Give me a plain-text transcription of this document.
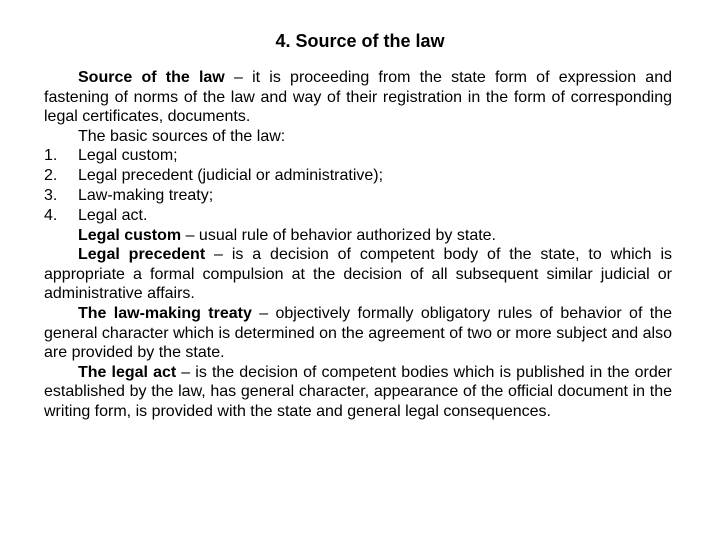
4. Source of the law

Source of the law – it is proceeding from the state form of expression and fastening of norms of the law and way of their registration in the form of corresponding legal certificates, documents.

The basic sources of the law:

1.	Legal custom;
2.	Legal precedent (judicial or administrative);
3.	Law-making treaty;
4.	Legal act.

Legal custom – usual rule of behavior authorized by state.

Legal precedent – is a decision of competent body of the state, to which is appropriate a formal compulsion at the decision of all subsequent similar judicial or administrative affairs.

The law-making treaty – objectively formally obligatory rules of behavior of the general character which is determined on the agreement of two or more subject and also are provided by the state.

The legal act – is the decision of competent bodies which is published in the order established by the law, has general character, appearance of the official document in the writing form, is provided with the state and general legal consequences.
